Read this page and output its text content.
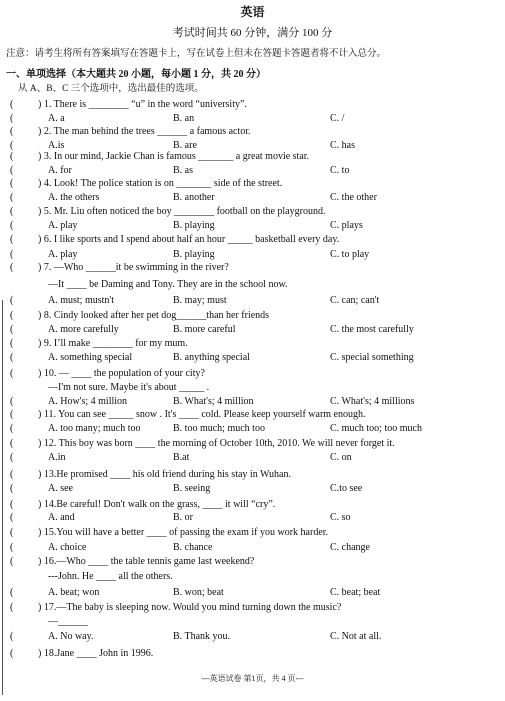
英语
考试时间共 60 分钟，满分 100 分
注意：请考生将所有答案填写在答题卡上，写在试卷上但未在答题卡答题者将不计入总分。
一、单项选择（本大题共 20 小题，每小题 1 分，共 20 分）
从 A、B、C 三个选项中，选出最佳的选项。
( ) 1. There is ________ “u” in the word “university”.
(	A. a	B. an	C. /
( ) 2. The man behind the trees ______ a famous actor.
(	A.is	B. are	C. has
( ) 3. In our mind, Jackie Chan is famous _______ a great movie star.
(	A. for	B. as	C. to
( ) 4. Look! The police station is on _______ side of the street.
(	A. the others	B. another	C. the other
( ) 5. Mr. Liu often noticed the boy ________ football on the playground.
(	A. play	B. playing	C. plays
( ) 6. I like sports and I spend about half an hour _____ basketball every day.
(	A. play	B. playing	C. to play
( ) 7. —Who ______it be swimming in the river?
—It ____ be Daming and Tony. They are in the school now.
(	A. must; mustn't	B. may; must	C. can; can't
( ) 8. Cindy looked after her pet dog______than her friends
(	A. more carefully	B. more careful	C. the most carefully
( ) 9. I’ll make ________ for my mum.
(	A. something special	B. anything special	C. special something
( ) 10. — ____ the population of your city?
—I'm not sure. Maybe it's about _____ .
(	A. How's; 4 million	B. What's; 4 million	C. What's; 4 millions
( ) 11. You can see _____ snow . It's ____ cold. Please keep yourself warm enough.
(	A. too many; much too	B. too much; much too	C. much too; too much
( ) 12. This boy was born ____ the morning of October 10th, 2010. We will never forget it.
(	A.in	B.at	C. on
( ) 13.He promised ____ his old friend during his stay in Wuhan.
(	A. see	B. seeing	C.to see
( ) 14.Be careful! Don't walk on the grass, ____ it will “cry”.
(	A. and	B. or	C. so
( ) 15.You will have a better ____ of passing the exam if you work harder.
(	A. choice	B. chance	C. change
( ) 16.—Who ____ the table tennis game last weekend?
---John. He ____ all the others.
(	A. beat; won	B. won; beat	C. beat; beat
( ) 17.—The baby is sleeping now. Would you mind turning down the music?
—______
(	A. No way.	B. Thank you.	C. Not at all.
( ) 18.Jane ____ John in 1996.
---英语试卷 第1页，共 4 页---
